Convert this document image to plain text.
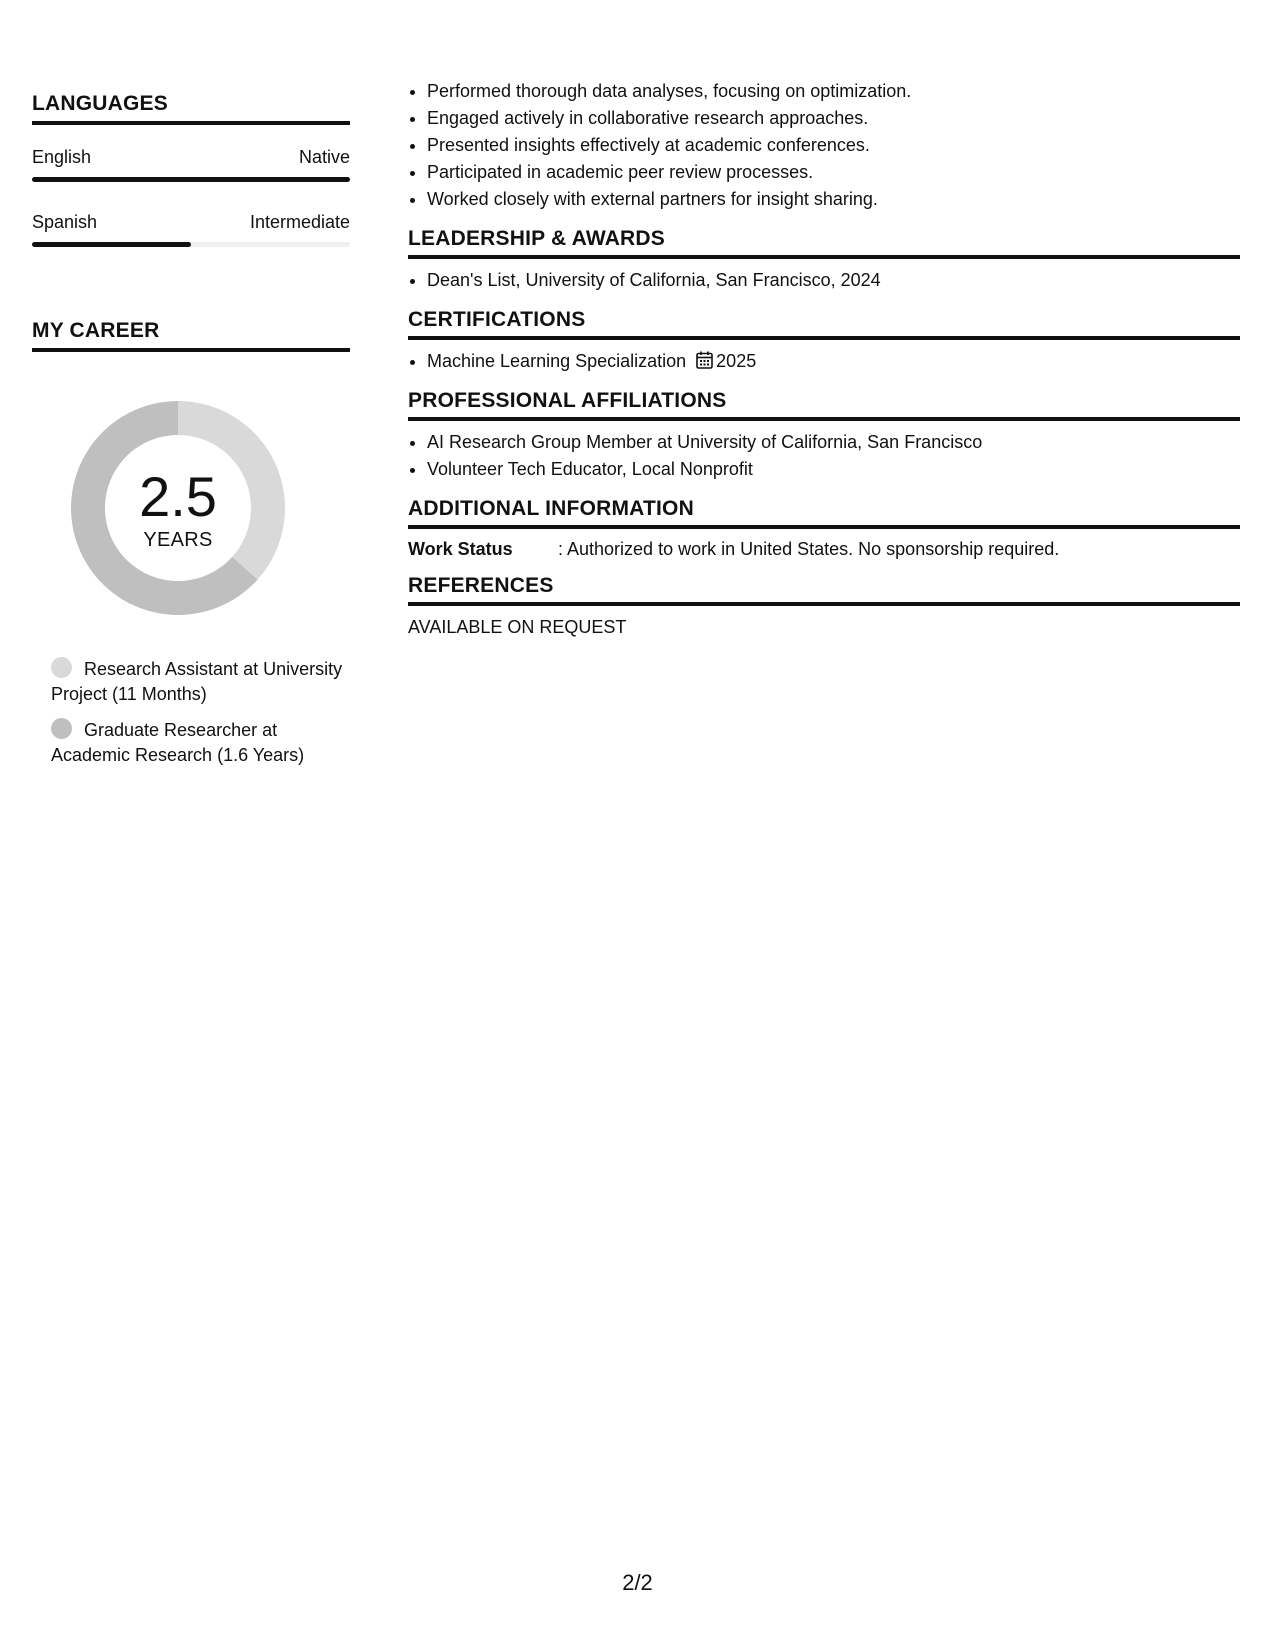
LANGUAGES
English	Native
Spanish	Intermediate
MY CAREER
2.5
YEARS
Research Assistant at University Project (11 Months)
Graduate Researcher at Academic Research (1.6 Years)
• Performed thorough data analyses, focusing on optimization.
• Engaged actively in collaborative research approaches.
• Presented insights effectively at academic conferences.
• Participated in academic peer review processes.
• Worked closely with external partners for insight sharing.
LEADERSHIP & AWARDS
• Dean's List, University of California, San Francisco, 2024
CERTIFICATIONS
• Machine Learning Specialization 2025
PROFESSIONAL AFFILIATIONS
• AI Research Group Member at University of California, San Francisco
• Volunteer Tech Educator, Local Nonprofit
ADDITIONAL INFORMATION
Work Status	: Authorized to work in United States. No sponsorship required.
REFERENCES
AVAILABLE ON REQUEST
2/2
